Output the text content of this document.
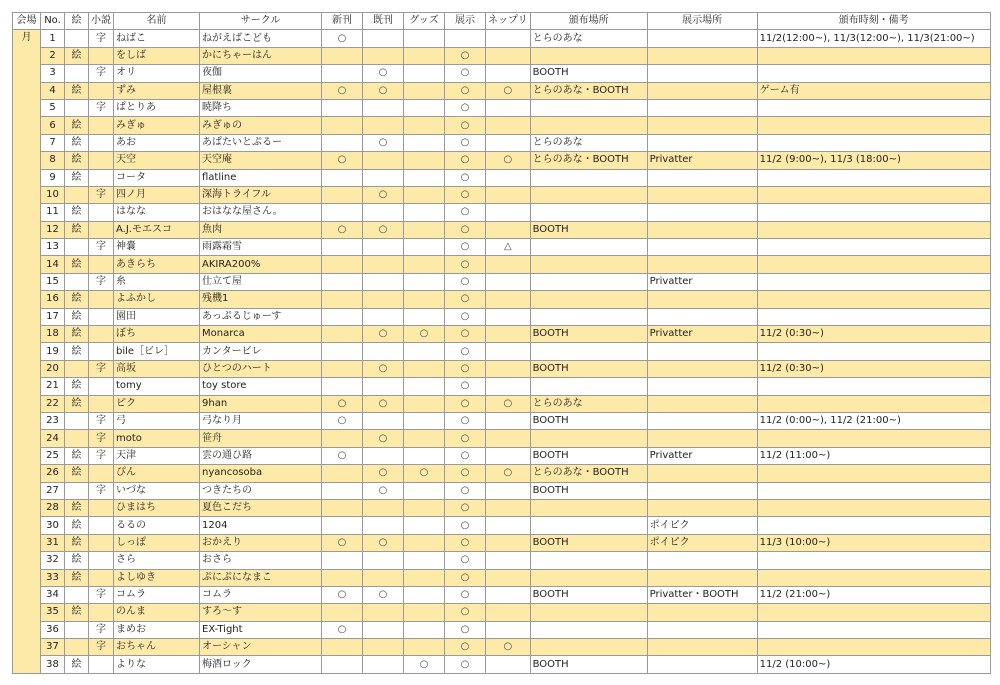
会場	No.	絵	小説	名前	サークル	新刊	既刊	グッズ	展示	ネップリ	頒布場所	展示場所	頒布時刻・備考
月	1		字	ねばこ	ねがえばこども	○					とらのあな		11/2(12:00~), 11/3(12:00~), 11/3(21:00~)
	2	絵		をしば	かにちゃーはん				○				
	3		字	オリ	夜伽		○		○		BOOTH		
	4	絵		ずみ	屋根裏	○	○		○	○	とらのあな・BOOTH		ゲーム有
	5		字	ぱとりあ	暁降ち				○				
	6	絵		みぎゅ	みぎゅの				○				
	7	絵		あお	あぱたいとぷるー		○		○		とらのあな		
	8	絵		天空	天空庵	○			○	○	とらのあな・BOOTH	Privatter	11/2 (9:00~), 11/3 (18:00~)
	9	絵		コータ	flatline				○				
	10		字	四ノ月	深海トライフル		○		○				
	11	絵		はなな	おはなな屋さん。				○				
	12	絵		A.J.モエスコ	魚肉	○	○		○		BOOTH		
	13		字	神嚢	雨露霜雪				○	△			
	14	絵		あきらち	AKIRA200%				○				
	15		字	糸	仕立て屋				○			Privatter	
	16	絵		よふかし	残機1				○				
	17	絵		園田	あっぷるじゅーす				○				
	18	絵		ぼち	Monarca		○	○	○		BOOTH	Privatter	11/2 (0:30~)
	19	絵		bile［ビレ］	カンタービレ				○				
	20		字	高坂	ひとつのハート		○		○		BOOTH		11/2 (0:30~)
	21	絵		tomy	toy store				○				
	22	絵		ピク	9han	○	○		○	○	とらのあな		
	23		字	弓	弓なり月	○			○		BOOTH		11/2 (0:00~), 11/2 (21:00~)
	24		字	moto	笹舟		○		○				
	25	絵	字	天津	雲の通ひ路	○			○		BOOTH	Privatter	11/2 (11:00~)
	26	絵		ぴん	nyancosoba		○	○	○	○	とらのあな・BOOTH		
	27		字	いづな	つきたちの		○		○		BOOTH		
	28	絵		ひまはち	夏色こだち				○				
	30	絵		るるの	1204				○			ポイピク	
	31	絵		しっぽ	おかえり	○	○		○		BOOTH	ポイピク	11/3 (10:00~)
	32	絵		さら	おさら				○				
	33	絵		よしゆき	ぷにぷになまこ				○				
	34		字	コムラ	コムラ	○	○		○		BOOTH	Privatter・BOOTH	11/2 (21:00~)
	35	絵		のんま	すろ～す				○				
	36		字	まめお	EX-Tight	○			○				
	37		字	おちゃん	オーシャン				○	○			
	38	絵		よりな	梅酒ロック			○	○		BOOTH		11/2 (10:00~)
